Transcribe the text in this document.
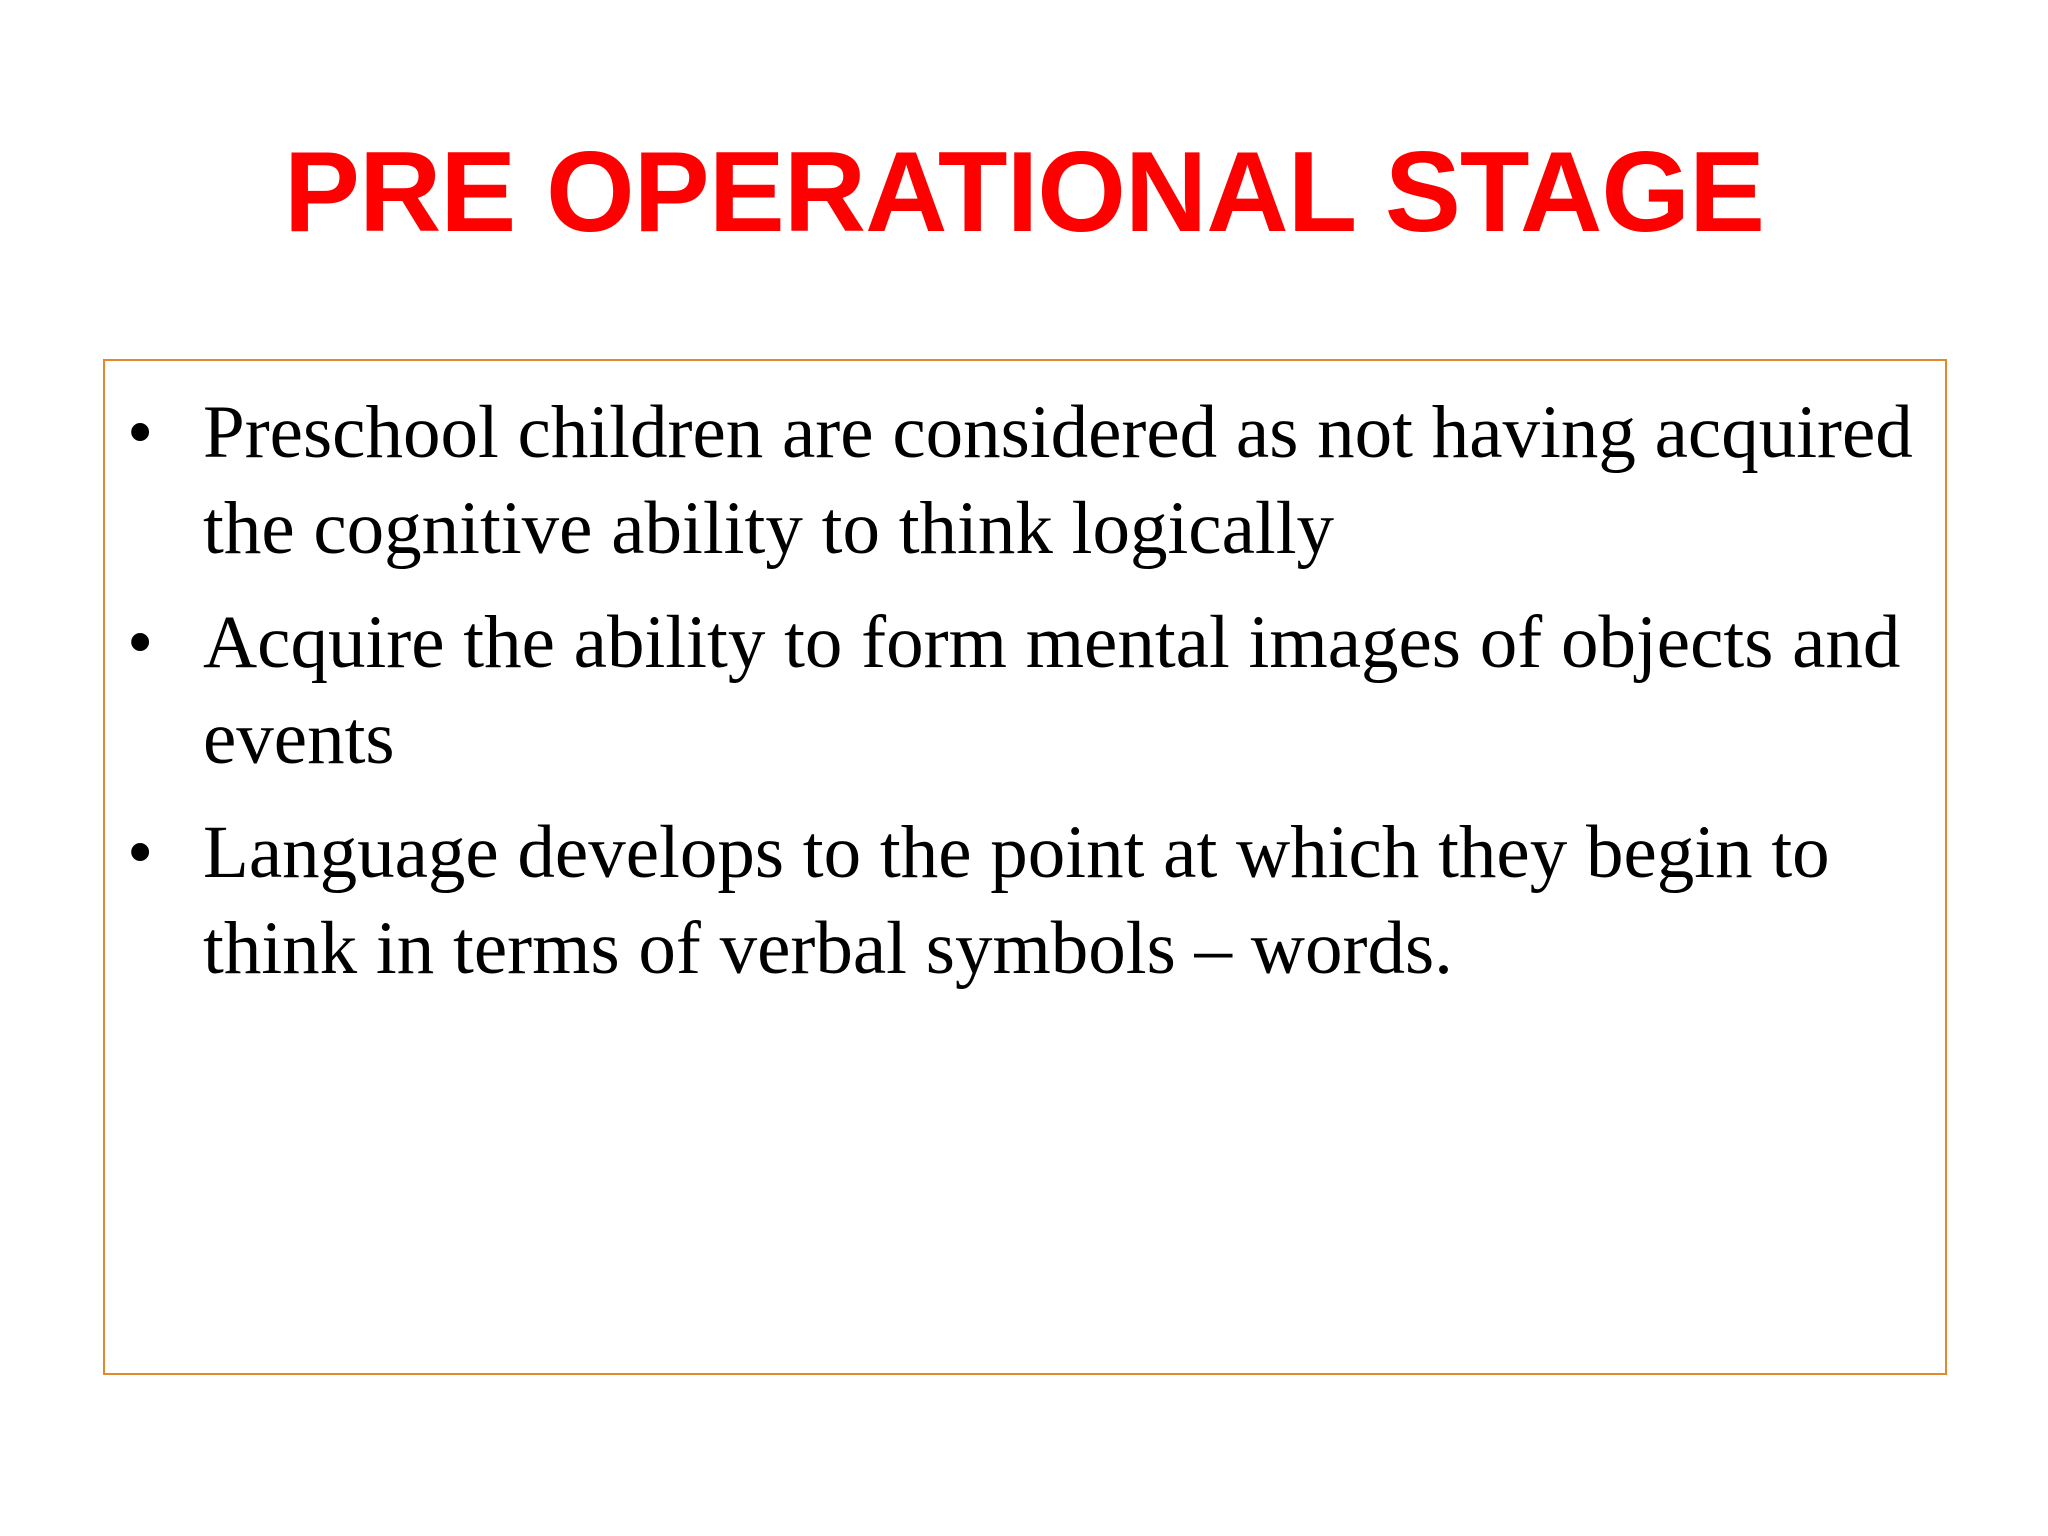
PRE OPERATIONAL STAGE
• Preschool children are considered as not having acquired the cognitive ability to think logically
• Acquire the ability to form mental images of objects and events
• Language develops to the point at which they begin to think in terms of verbal symbols – words.
